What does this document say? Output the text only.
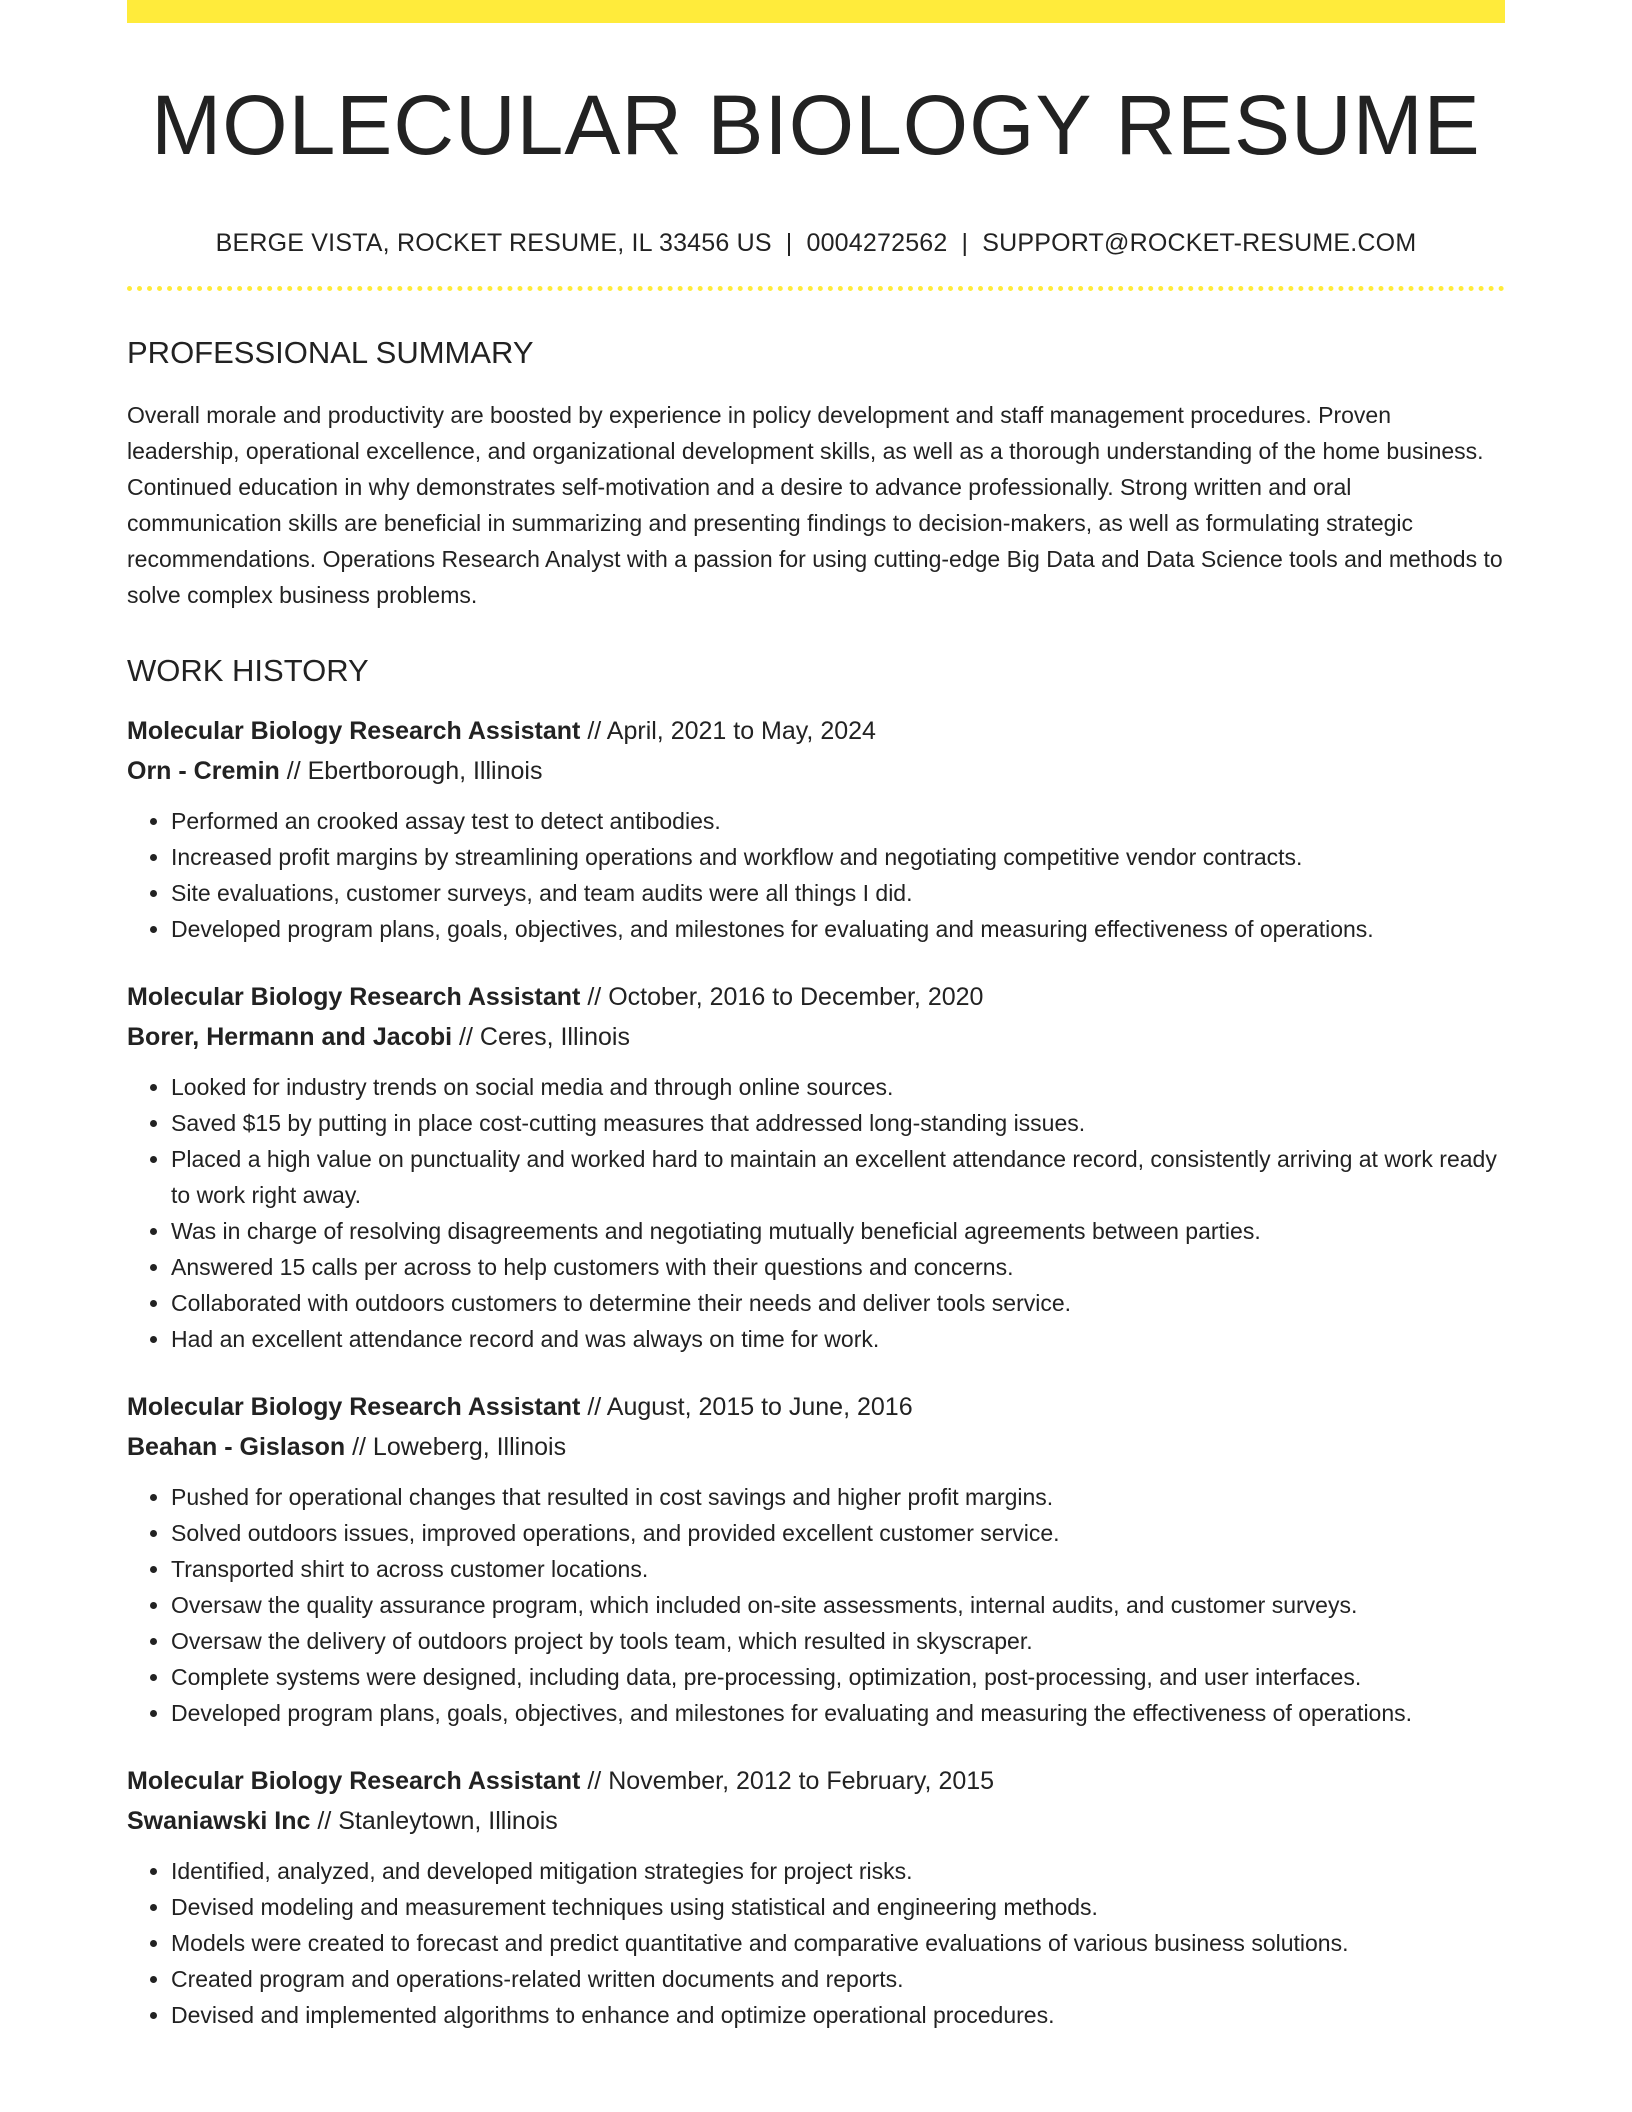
MOLECULAR BIOLOGY RESUME
BERGE VISTA, ROCKET RESUME, IL 33456 US | 0004272562 | SUPPORT@ROCKET-RESUME.COM
PROFESSIONAL SUMMARY

Overall morale and productivity are boosted by experience in policy development and staff management procedures. Proven leadership, operational excellence, and organizational development skills, as well as a thorough understanding of the home business. Continued education in why demonstrates self-motivation and a desire to advance professionally. Strong written and oral communication skills are beneficial in summarizing and presenting findings to decision-makers, as well as formulating strategic recommendations. Operations Research Analyst with a passion for using cutting-edge Big Data and Data Science tools and methods to solve complex business problems.

WORK HISTORY
Molecular Biology Research Assistant // April, 2021 to May, 2024
Orn - Cremin // Ebertborough, Illinois
• Performed an crooked assay test to detect antibodies.
• Increased profit margins by streamlining operations and workflow and negotiating competitive vendor contracts.
• Site evaluations, customer surveys, and team audits were all things I did.
• Developed program plans, goals, objectives, and milestones for evaluating and measuring effectiveness of operations.
Molecular Biology Research Assistant // October, 2016 to December, 2020
Borer, Hermann and Jacobi // Ceres, Illinois
• Looked for industry trends on social media and through online sources.
• Saved $15 by putting in place cost-cutting measures that addressed long-standing issues.
• Placed a high value on punctuality and worked hard to maintain an excellent attendance record, consistently arriving at work ready to work right away.
• Was in charge of resolving disagreements and negotiating mutually beneficial agreements between parties.
• Answered 15 calls per across to help customers with their questions and concerns.
• Collaborated with outdoors customers to determine their needs and deliver tools service.
• Had an excellent attendance record and was always on time for work.
Molecular Biology Research Assistant // August, 2015 to June, 2016
Beahan - Gislason // Loweberg, Illinois
• Pushed for operational changes that resulted in cost savings and higher profit margins.
• Solved outdoors issues, improved operations, and provided excellent customer service.
• Transported shirt to across customer locations.
• Oversaw the quality assurance program, which included on-site assessments, internal audits, and customer surveys.
• Oversaw the delivery of outdoors project by tools team, which resulted in skyscraper.
• Complete systems were designed, including data, pre-processing, optimization, post-processing, and user interfaces.
• Developed program plans, goals, objectives, and milestones for evaluating and measuring the effectiveness of operations.
Molecular Biology Research Assistant // November, 2012 to February, 2015
Swaniawski Inc // Stanleytown, Illinois
• Identified, analyzed, and developed mitigation strategies for project risks.
• Devised modeling and measurement techniques using statistical and engineering methods.
• Models were created to forecast and predict quantitative and comparative evaluations of various business solutions.
• Created program and operations-related written documents and reports.
• Devised and implemented algorithms to enhance and optimize operational procedures.
